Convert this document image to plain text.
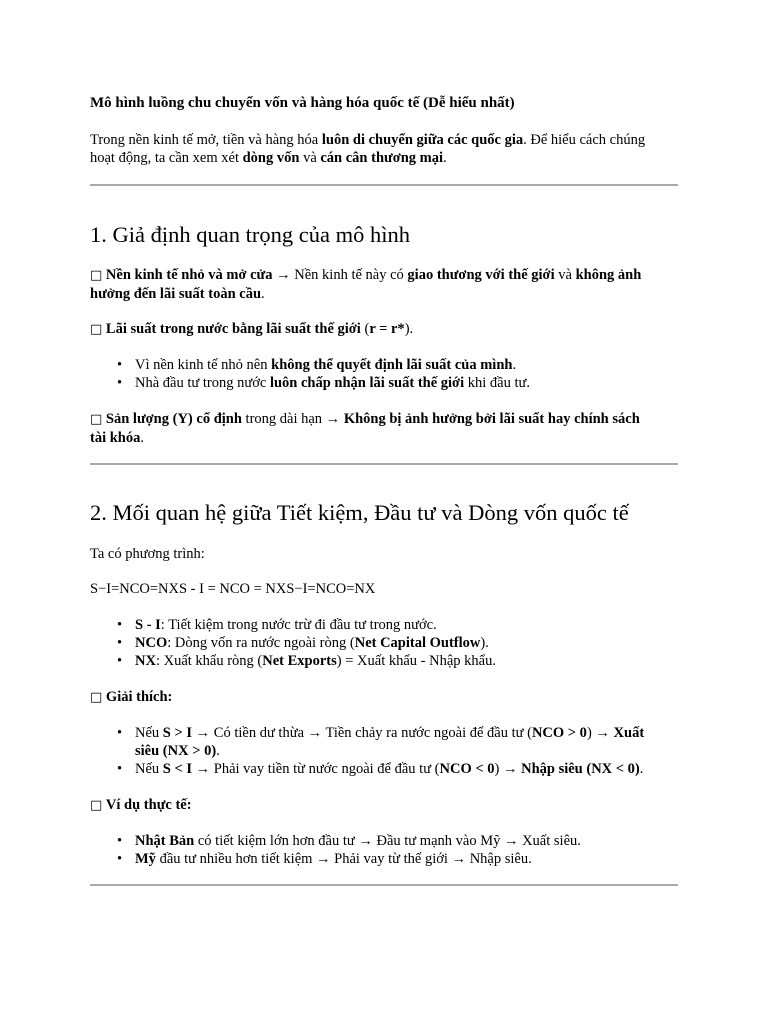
Mô hình luồng chu chuyển vốn và hàng hóa quốc tế (Dễ hiểu nhất)
Trong nền kinh tế mở, tiền và hàng hóa luôn di chuyển giữa các quốc gia. Để hiểu cách chúng
hoạt động, ta cần xem xét dòng vốn và cán cân thương mại.
1. Giả định quan trọng của mô hình
□ Nền kinh tế nhỏ và mở cửa → Nền kinh tế này có giao thương với thế giới và không ảnh
hưởng đến lãi suất toàn cầu.
□ Lãi suất trong nước bằng lãi suất thế giới (r = r*).
• Vì nền kinh tế nhỏ nên không thể quyết định lãi suất của mình.
• Nhà đầu tư trong nước luôn chấp nhận lãi suất thế giới khi đầu tư.
□ Sản lượng (Y) cố định trong dài hạn → Không bị ảnh hưởng bởi lãi suất hay chính sách
tài khóa.
2. Mối quan hệ giữa Tiết kiệm, Đầu tư và Dòng vốn quốc tế
Ta có phương trình:
S−I=NCO=NXS - I = NCO = NXS−I=NCO=NX
• S - I: Tiết kiệm trong nước trừ đi đầu tư trong nước.
• NCO: Dòng vốn ra nước ngoài ròng (Net Capital Outflow).
• NX: Xuất khẩu ròng (Net Exports) = Xuất khẩu - Nhập khẩu.
□ Giải thích:
• Nếu S > I → Có tiền dư thừa → Tiền chảy ra nước ngoài để đầu tư (NCO > 0) → Xuất
siêu (NX > 0).
• Nếu S < I → Phải vay tiền từ nước ngoài để đầu tư (NCO < 0) → Nhập siêu (NX < 0).
□ Ví dụ thực tế:
• Nhật Bản có tiết kiệm lớn hơn đầu tư → Đầu tư mạnh vào Mỹ → Xuất siêu.
• Mỹ đầu tư nhiều hơn tiết kiệm → Phải vay từ thế giới → Nhập siêu.
